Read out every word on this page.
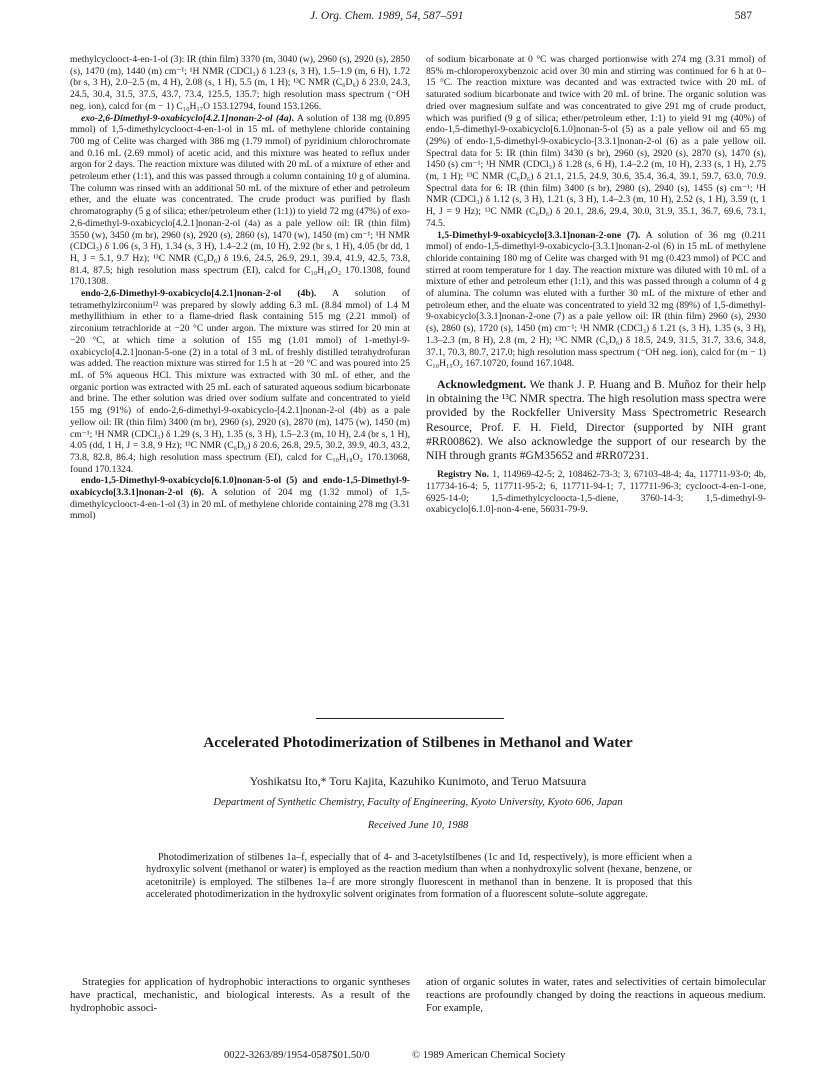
J. Org. Chem. 1989, 54, 587–591	587

methylcyclooct-4-en-1-ol (3): IR (thin film) 3370 (m, 3040 (w), 2960 (s), 2920 (s), 2850 (s), 1470 (m), 1440 (m) cm⁻¹; ¹H NMR (CDCl₃) δ 1.23 (s, 3 H), 1.5–1.9 (m, 6 H), 1.72 (br s, 3 H), 2.0–2.5 (m, 4 H), 2.08 (s, 1 H), 5.5 (m, 1 H); ¹³C NMR (C₆D₆) δ 23.0, 24.3, 24.5, 30.4, 31.5, 37.5, 43.7, 73.4, 125.5, 135.7; high resolution mass spectrum (⁻OH neg. ion), calcd for (m − 1) C₁₀H₁₇O 153.12794, found 153.1266.

exo-2,6-Dimethyl-9-oxabicyclo[4.2.1]nonan-2-ol (4a). A solution of 138 mg (0.895 mmol) of 1,5-dimethylcyclooct-4-en-1-ol in 15 mL of methylene chloride containing 700 mg of Celite was charged with 386 mg (1.79 mmol) of pyridinium chlorochromate and 0.16 mL (2.69 mmol) of acetic acid, and this mixture was heated to reflux under argon for 2 days. The reaction mixture was diluted with 20 mL of a mixture of ether and petroleum ether (1:1), and this was passed through a column containing 10 g of alumina. The column was rinsed with an additional 50 mL of the mixture of ether and petroleum ether, and the eluate was concentrated. The crude product was purified by flash chromatography (5 g of silica; ether/petroleum ether (1:1)) to yield 72 mg (47%) of exo-2,6-dimethyl-9-oxabicyclo[4.2.1]nonan-2-ol (4a) as a pale yellow oil: IR (thin film) 3550 (w), 3450 (m br), 2960 (s), 2920 (s), 2860 (s), 1470 (w), 1450 (m) cm⁻¹; ¹H NMR (CDCl₃) δ 1.06 (s, 3 H), 1.34 (s, 3 H), 1.4–2.2 (m, 10 H), 2.92 (br s, 1 H), 4.05 (br dd, 1 H, J = 5.1, 9.7 Hz); ¹³C NMR (C₆D₆) δ 19.6, 24.5, 26.9, 29.1, 39.4, 41.9, 42.5, 73.8, 81.4, 87.5; high resolution mass spectrum (EI), calcd for C₁₀H₁₈O₂ 170.1308, found 170.1308.

endo-2,6-Dimethyl-9-oxabicyclo[4.2.1]nonan-2-ol (4b). A solution of tetramethylzirconium¹² was prepared by slowly adding 6.3 mL (8.84 mmol) of 1.4 M methyllithium in ether to a flame-dried flask containing 515 mg (2.21 mmol) of zirconium tetrachloride at −20 °C under argon. The mixture was stirred for 20 min at −20 °C, at which time a solution of 155 mg (1.01 mmol) of 1-methyl-9-oxabicyclo[4.2.1]nonan-5-one (2) in a total of 3 mL of freshly distilled tetrahydrofuran was added. The reaction mixture was stirred for 1.5 h at −20 °C and was poured into 25 mL of 5% aqueous HCl. This mixture was extracted with 30 mL of ether, and the organic portion was extracted with 25 mL each of saturated aqueous sodium bicarbonate and brine. The ether solution was dried over sodium sulfate and concentrated to yield 155 mg (91%) of endo-2,6-dimethyl-9-oxabicyclo-[4.2.1]nonan-2-ol (4b) as a pale yellow oil: IR (thin film) 3400 (m br), 2960 (s), 2920 (s), 2870 (m), 1475 (w), 1450 (m) cm⁻¹; ¹H NMR (CDCl₃) δ 1.29 (s, 3 H), 1.35 (s, 3 H), 1.5–2.3 (m, 10 H), 2.4 (br s, 1 H), 4.05 (dd, 1 H, J = 3.8, 9 Hz); ¹³C NMR (C₆D₆) δ 20.6, 26.8, 29.5, 30.2, 39.9, 40.3, 43.2, 73.8, 82.8, 86.4; high resolution mass spectrum (EI), calcd for C₁₀H₁₈O₂ 170.13068, found 170.1324.

endo-1,5-Dimethyl-9-oxabicyclo[6.1.0]nonan-5-ol (5) and endo-1,5-Dimethyl-9-oxabicyclo[3.3.1]nonan-2-ol (6). A solution of 204 mg (1.32 mmol) of 1,5-dimethylcyclooct-4-en-1-ol (3) in 20 mL of methylene chloride containing 278 mg (3.31 mmol)

of sodium bicarbonate at 0 °C was charged portionwise with 274 mg (3.31 mmol) of 85% m-chloroperoxybenzoic acid over 30 min and stirring was continued for 6 h at 0–15 °C. The reaction mixture was decanted and was extracted twice with 20 mL of saturated sodium bicarbonate and twice with 20 mL of brine. The organic solution was dried over magnesium sulfate and was concentrated to give 291 mg of crude product, which was purified (9 g of silica; ether/petroleum ether, 1:1) to yield 91 mg (40%) of endo-1,5-dimethyl-9-oxabicyclo[6.1.0]nonan-5-ol (5) as a pale yellow oil and 65 mg (29%) of endo-1,5-dimethyl-9-oxabicyclo-[3.3.1]nonan-2-ol (6) as a pale yellow oil. Spectral data for 5: IR (thin film) 3430 (s br), 2960 (s), 2920 (s), 2870 (s), 1470 (s), 1450 (s) cm⁻¹; ¹H NMR (CDCl₃) δ 1.28 (s, 6 H), 1.4–2.2 (m, 10 H), 2.33 (s, 1 H), 2.75 (m, 1 H); ¹³C NMR (C₆D₆) δ 21.1, 21.5, 24.9, 30.6, 35.4, 36.4, 39.1, 59.7, 63.0, 70.9. Spectral data for 6: IR (thin film) 3400 (s br), 2980 (s), 2940 (s), 1455 (s) cm⁻¹; ¹H NMR (CDCl₃) δ 1.12 (s, 3 H), 1.21 (s, 3 H), 1.4–2.3 (m, 10 H), 2.52 (s, 1 H), 3.59 (t, 1 H, J = 9 Hz); ¹³C NMR (C₆D₆) δ 20.1, 28.6, 29.4, 30.0, 31.9, 35.1, 36.7, 69.6, 73.1, 74.5.

1,5-Dimethyl-9-oxabicyclo[3.3.1]nonan-2-one (7). A solution of 36 mg (0.211 mmol) of endo-1,5-dimethyl-9-oxabicyclo-[3.3.1]nonan-2-ol (6) in 15 mL of methylene chloride containing 180 mg of Celite was charged with 91 mg (0.423 mmol) of PCC and stirred at room temperature for 1 day. The reaction mixture was diluted with 10 mL of a mixture of ether and petroleum ether (1:1), and this was passed through a column of 4 g of alumina. The column was eluted with a further 30 mL of the mixture of ether and petroleum ether, and the eluate was concentrated to yield 32 mg (89%) of 1,5-dimethyl-9-oxabicyclo[3.3.1]nonan-2-one (7) as a pale yellow oil: IR (thin film) 2960 (s), 2930 (s), 2860 (s), 1720 (s), 1450 (m) cm⁻¹; ¹H NMR (CDCl₃) δ 1.21 (s, 3 H), 1.35 (s, 3 H), 1.3–2.3 (m, 8 H), 2.8 (m, 2 H); ¹³C NMR (C₆D₆) δ 18.5, 24.9, 31.5, 31.7, 33.6, 34.8, 37.1, 70.3, 80.7, 217.0; high resolution mass spectrum (⁻OH neg. ion), calcd for (m − 1) C₁₀H₁₅O₂ 167.10720, found 167.1048.

Acknowledgment. We thank J. P. Huang and B. Muñoz for their help in obtaining the ¹³C NMR spectra. The high resolution mass spectra were provided by the Rockfeller University Mass Spectrometric Research Resource, Prof. F. H. Field, Director (supported by NIH grant #RR00862). We also acknowledge the support of our research by the NIH through grants #GM35652 and #RR07231.

Registry No. 1, 114969-42-5; 2, 108462-73-3; 3, 67103-48-4; 4a, 117711-93-0; 4b, 117734-16-4; 5, 117711-95-2; 6, 117711-94-1; 7, 117711-96-3; cyclooct-4-en-1-one, 6925-14-0; 1,5-dimethylcycloocta-1,5-diene, 3760-14-3; 1,5-dimethyl-9-oxabicyclo[6.1.0]-non-4-ene, 56031-79-9.

Accelerated Photodimerization of Stilbenes in Methanol and Water
Yoshikatsu Ito,* Toru Kajita, Kazuhiko Kunimoto, and Teruo Matsuura
Department of Synthetic Chemistry, Faculty of Engineering, Kyoto University, Kyoto 606, Japan
Received June 10, 1988
Photodimerization of stilbenes 1a–f, especially that of 4- and 3-acetylstilbenes (1c and 1d, respectively), is more efficient when a hydroxylic solvent (methanol or water) is employed as the reaction medium than when a nonhydroxylic solvent (hexane, benzene, or acetonitrile) is employed. The stilbenes 1a–f are more strongly fluorescent in methanol than in benzene. It is proposed that this accelerated photodimerization in the hydroxylic solvent originates from formation of a fluorescent solute–solute aggregate.

Strategies for application of hydrophobic interactions to organic syntheses have practical, mechanistic, and biological interests. As a result of the hydrophobic associ-

ation of organic solutes in water, rates and selectivities of certain bimolecular reactions are profoundly changed by doing the reactions in aqueous medium. For example,

0022-3263/89/1954-0587$01.50/0	© 1989 American Chemical Society
